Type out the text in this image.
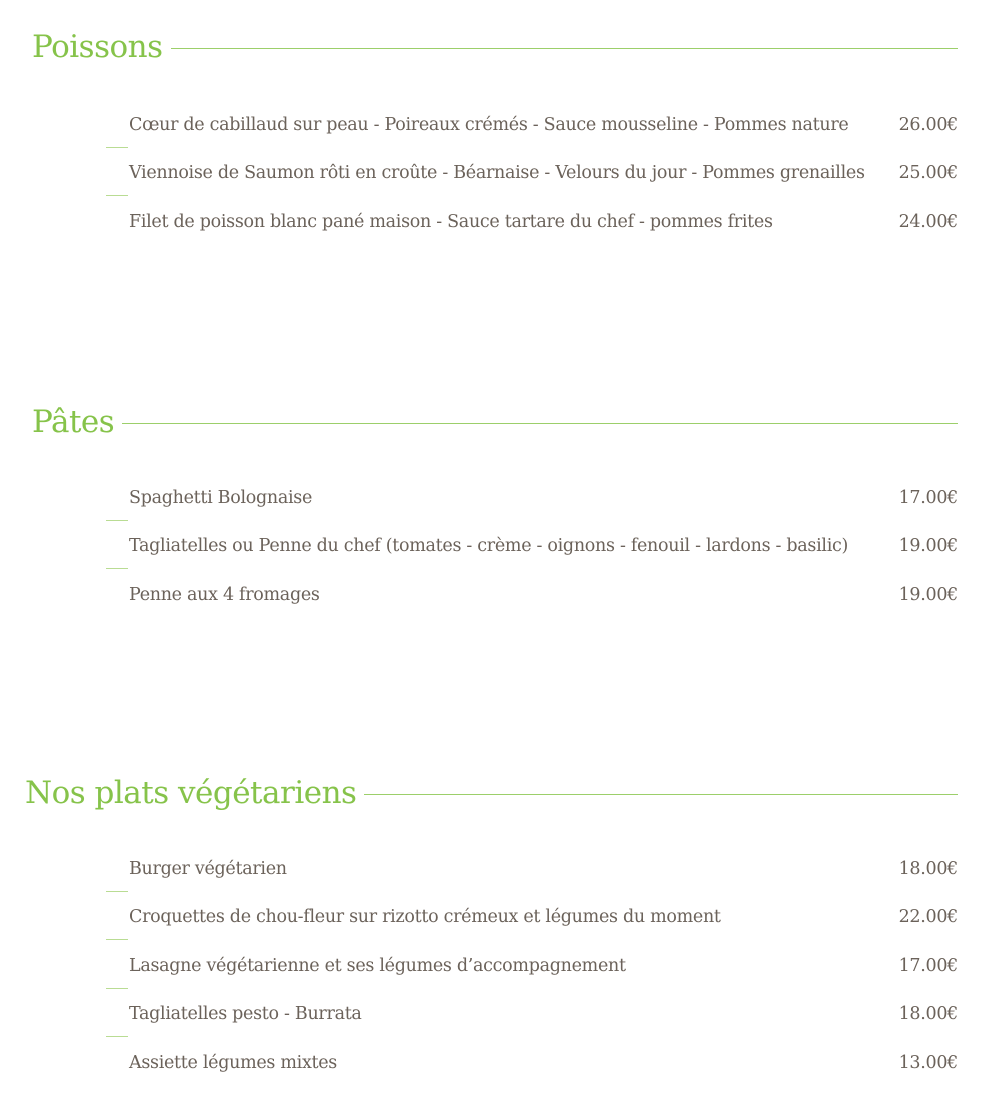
Poissons
Cœur de cabillaud sur peau - Poireaux crémés - Sauce mousseline - Pommes nature	26.00€
Viennoise de Saumon rôti en croûte - Béarnaise - Velours du jour - Pommes grenailles 25.00€
Filet de poisson blanc pané maison - Sauce tartare du chef - pommes frites	24.00€
Pâtes
Spaghetti Bolognaise	17.00€
Tagliatelles ou Penne du chef (tomates - crème - oignons - fenouil - lardons - basilic)	19.00€
Penne aux 4 fromages	19.00€
Nos plats végétariens
Burger végétarien	18.00€
Croquettes de chou-fleur sur rizotto crémeux et légumes du moment	22.00€
Lasagne végétarienne et ses légumes d’accompagnement	17.00€
Tagliatelles pesto - Burrata	18.00€
Assiette légumes mixtes	13.00€
